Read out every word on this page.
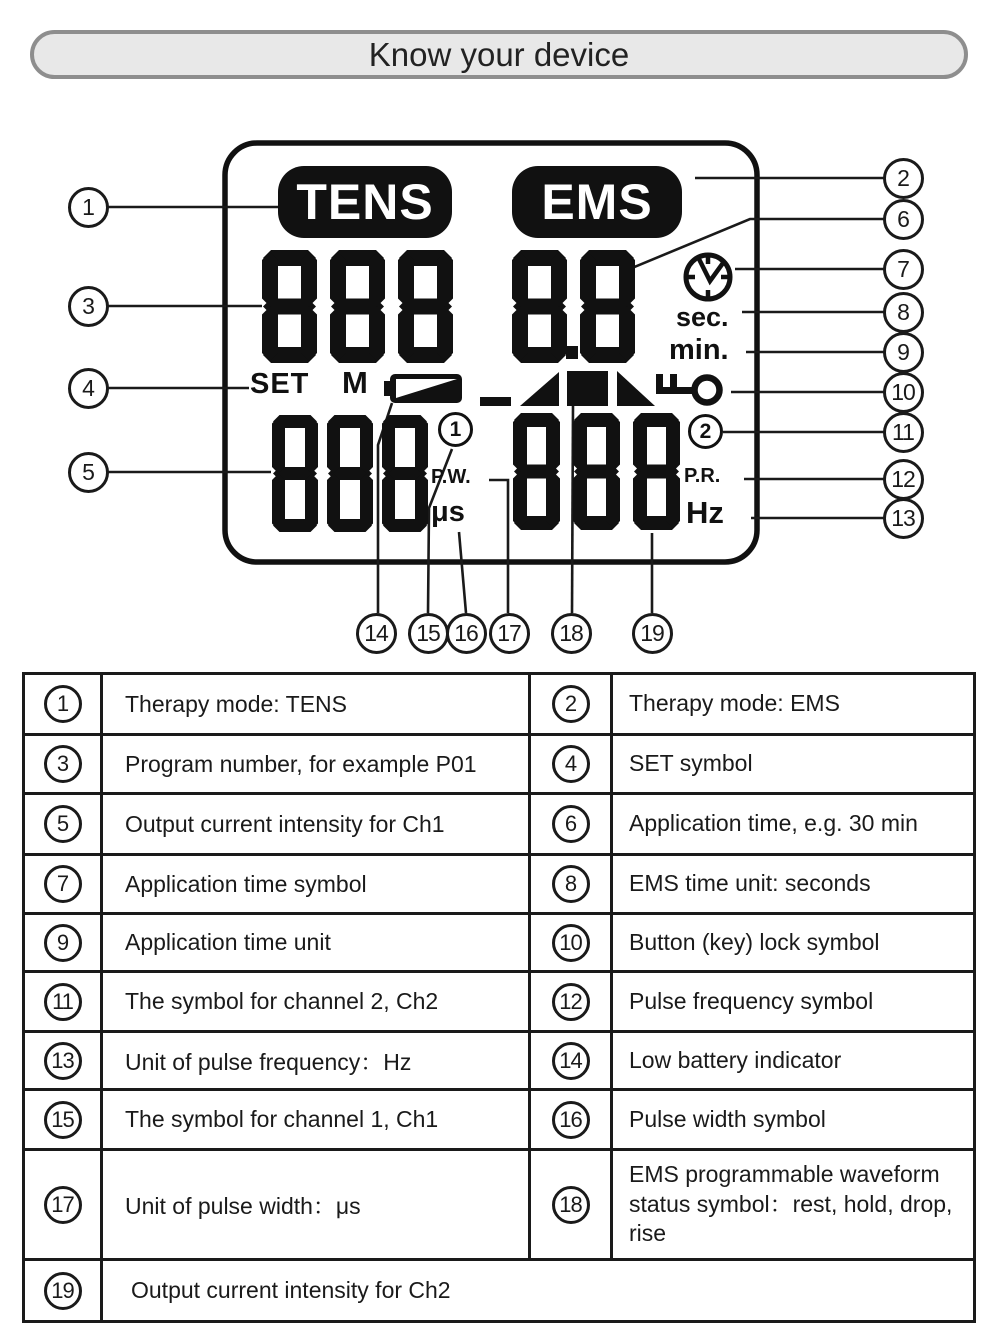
Know your device
TENS EMS
SET M
sec.
min.
1	2
P.W.
μs
P.R.
Hz
1
2
3
4
5
6
7
8
9
10
11
12
13
14	15 16 17	18	19
1	Therapy mode: TENS	2	Therapy mode: EMS
3	Program number, for example P01	4	SET symbol
5	Output current intensity for Ch1	6	Application time, e.g. 30 min
7	Application time symbol	8	EMS time unit: seconds
9	Application time unit	10	Button (key) lock symbol
11	The symbol for channel 2, Ch2	12	Pulse frequency symbol
13	Unit of pulse frequency：Hz	14	Low battery indicator
15	The symbol for channel 1, Ch1	16	Pulse width symbol
17	Unit of pulse width：μs	18
EMS programmable waveform status symbol：rest, hold, drop, rise
19	Output current intensity for Ch2
